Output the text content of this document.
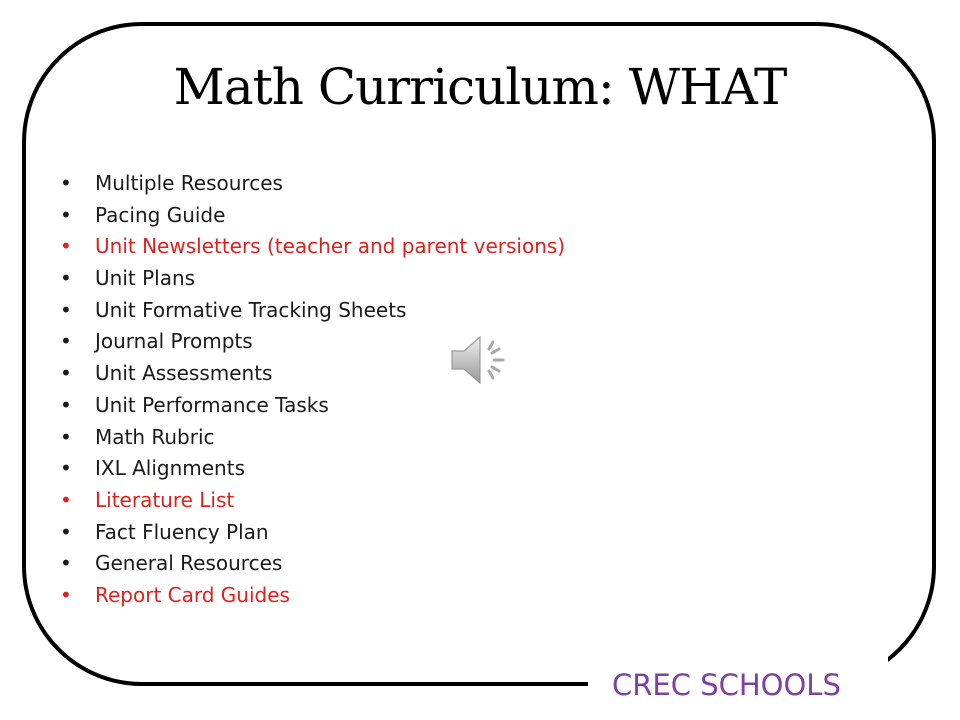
Math Curriculum: WHAT
•	Multiple Resources
•	Pacing Guide
•	Unit Newsletters (teacher and parent versions)
•	Unit Plans
•	Unit Formative Tracking Sheets
•	Journal Prompts
•	Unit Assessments
•	Unit Performance Tasks
•	Math Rubric
•	IXL Alignments
•	Literature List
•	Fact Fluency Plan
•	General Resources
•	Report Card Guides
CREC SCHOOLS
